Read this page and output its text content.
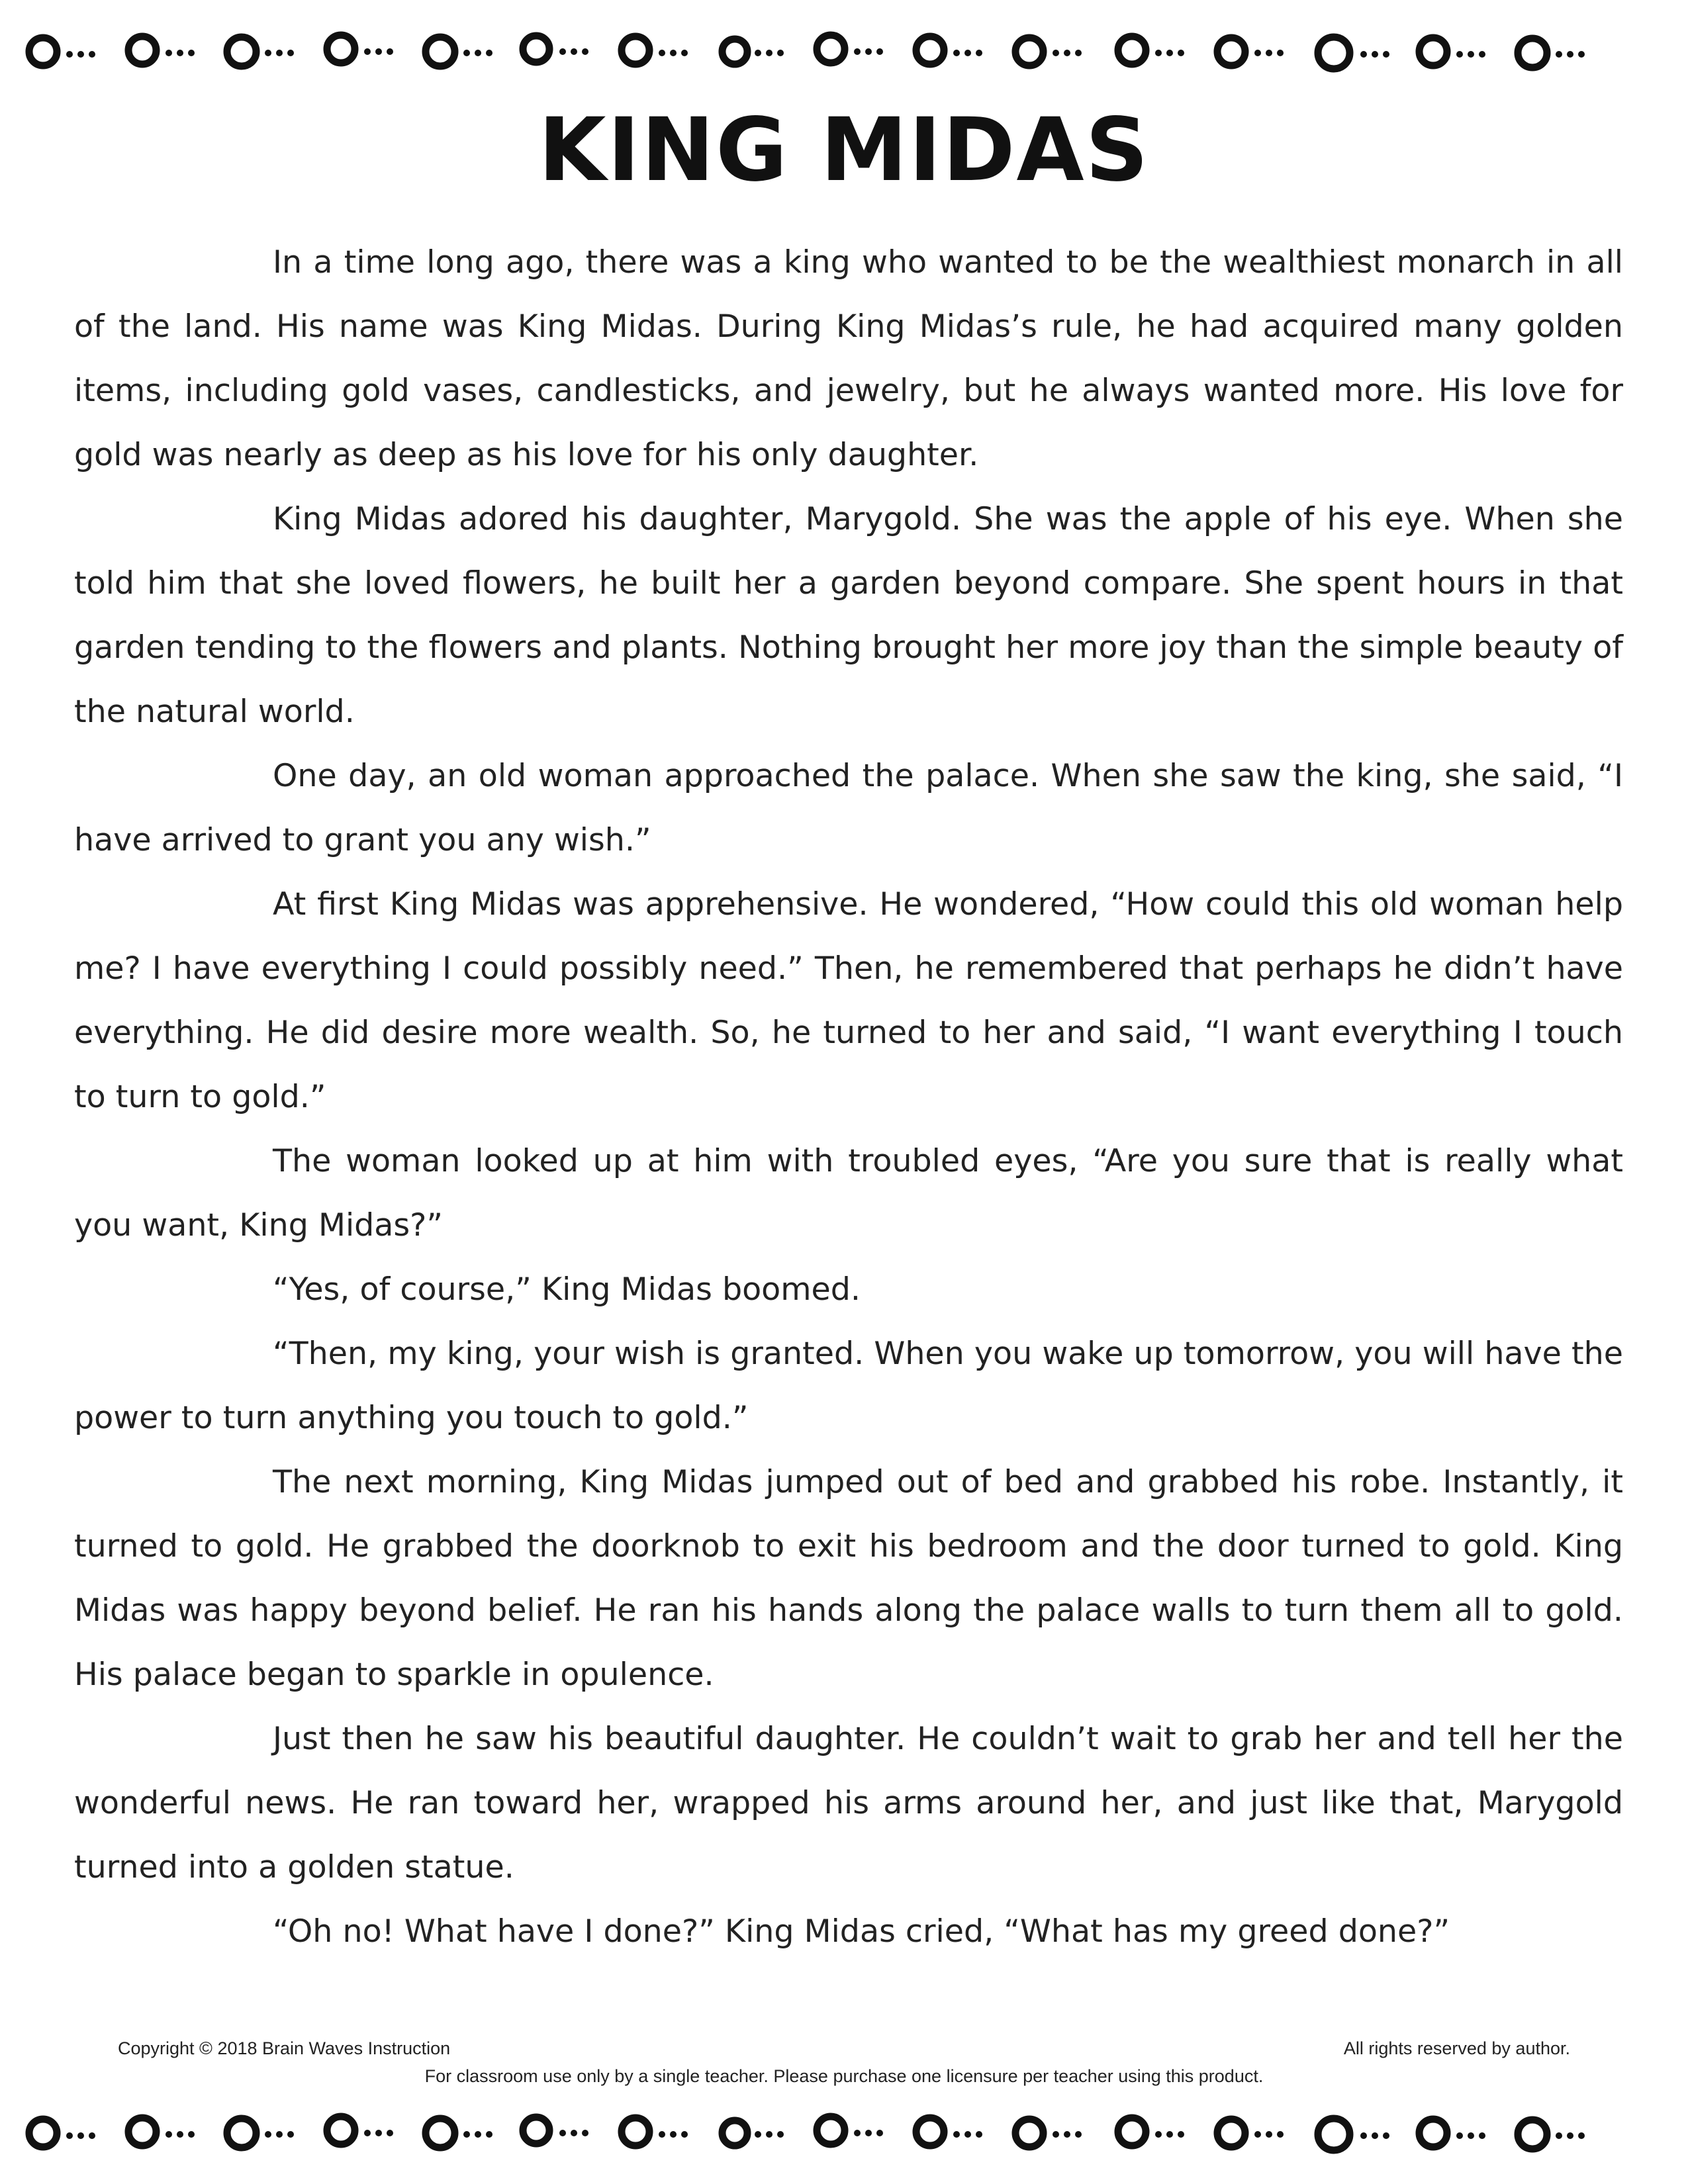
KING MIDAS

In a time long ago, there was a king who wanted to be the wealthiest monarch in all of the land. His name was King Midas. During King Midas’s rule, he had acquired many golden items, including gold vases, candlesticks, and jewelry, but he always wanted more. His love for gold was nearly as deep as his love for his only daughter.

King Midas adored his daughter, Marygold. She was the apple of his eye. When she told him that she loved flowers, he built her a garden beyond compare. She spent hours in that garden tending to the flowers and plants. Nothing brought her more joy than the simple beauty of the natural world.

One day, an old woman approached the palace. When she saw the king, she said, “I have arrived to grant you any wish.”

At first King Midas was apprehensive. He wondered, “How could this old woman help me? I have everything I could possibly need.” Then, he remembered that perhaps he didn’t have everything. He did desire more wealth. So, he turned to her and said, “I want everything I touch to turn to gold.”

The woman looked up at him with troubled eyes, “Are you sure that is really what you want, King Midas?”

“Yes, of course,” King Midas boomed.

“Then, my king, your wish is granted. When you wake up tomorrow, you will have the power to turn anything you touch to gold.”

The next morning, King Midas jumped out of bed and grabbed his robe. Instantly, it turned to gold. He grabbed the doorknob to exit his bedroom and the door turned to gold. King Midas was happy beyond belief. He ran his hands along the palace walls to turn them all to gold. His palace began to sparkle in opulence.

Just then he saw his beautiful daughter. He couldn’t wait to grab her and tell her the wonderful news. He ran toward her, wrapped his arms around her, and just like that, Marygold turned into a golden statue.

“Oh no! What have I done?” King Midas cried, “What has my greed done?”

Copyright © 2018 Brain Waves Instruction	All rights reserved by author.
For classroom use only by a single teacher. Please purchase one licensure per teacher using this product.
